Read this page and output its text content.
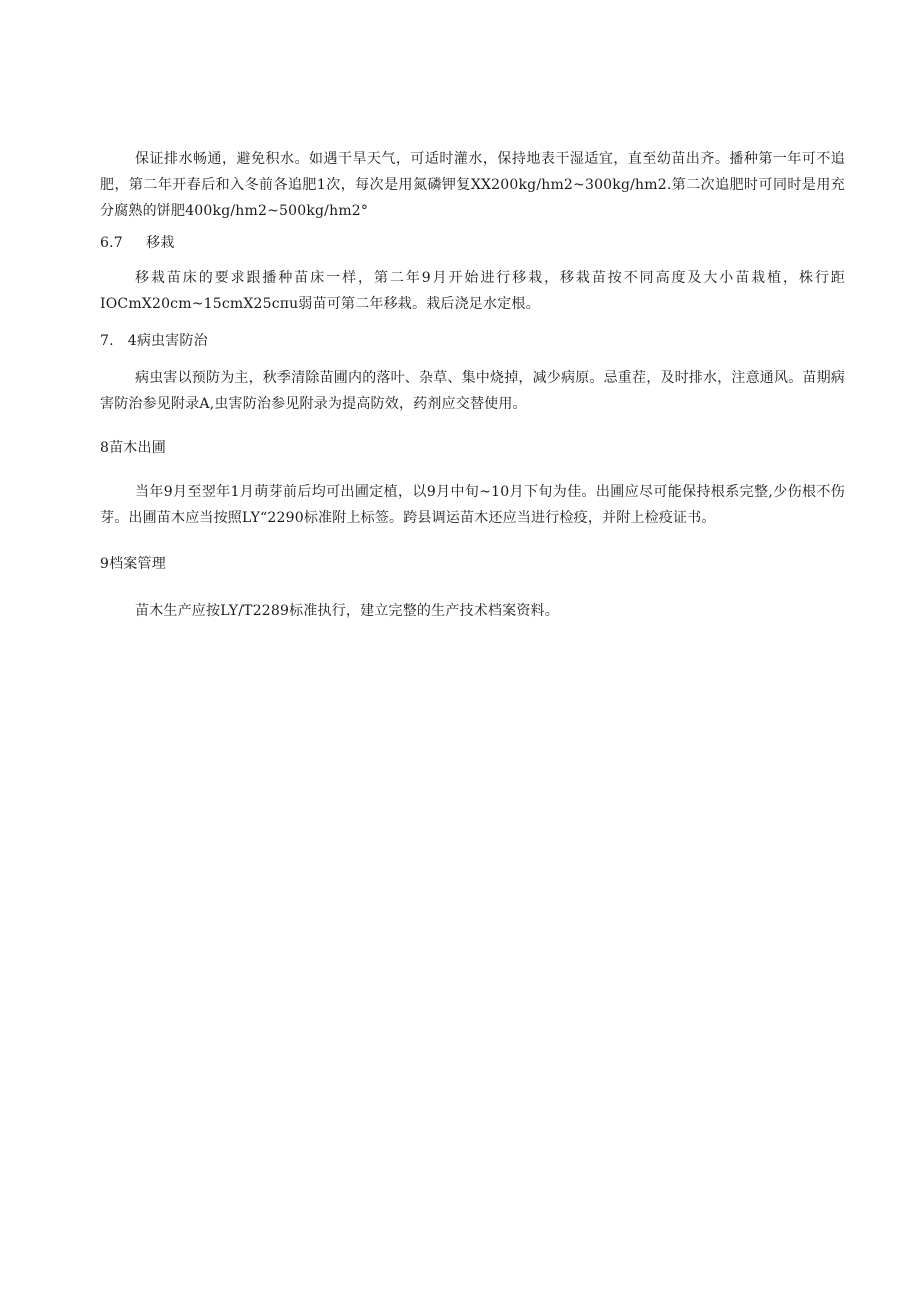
保证排水畅通，避免积水。如遇干旱天气，可适时灌水，保持地表干湿适宜，直至幼苗出齐。播种第一年可不追肥，第二年开春后和入冬前各追肥1次，每次是用氮磷钾复XX200kg/hm2~300kg/hm2.第二次追肥时可同时是用充分腐熟的饼肥400kg/hm2~500kg/hm2°

6.7     移栽

移栽苗床的要求跟播种苗床一样，第二年9月开始进行移栽，移栽苗按不同高度及大小苗栽植，株行距IOCmX20cm~15cmX25cπu弱苗可第二年移栽。栽后浇足水定根。

7.   4病虫害防治

病虫害以预防为主，秋季清除苗圃内的落叶、杂草、集中烧掉，减少病原。忌重茬，及时排水，注意通风。苗期病害防治参见附录A,虫害防治参见附录为提高防效，药剂应交替使用。

8苗木出圃

当年9月至翌年1月萌芽前后均可出圃定植，以9月中旬~10月下旬为佳。出圃应尽可能保持根系完整,少伤根不伤芽。出圃苗木应当按照LY“2290标准附上标签。跨县调运苗木还应当进行检疫，并附上检疫证书。

9档案管理

苗木生产应按LY/T2289标准执行，建立完整的生产技术档案资料。
